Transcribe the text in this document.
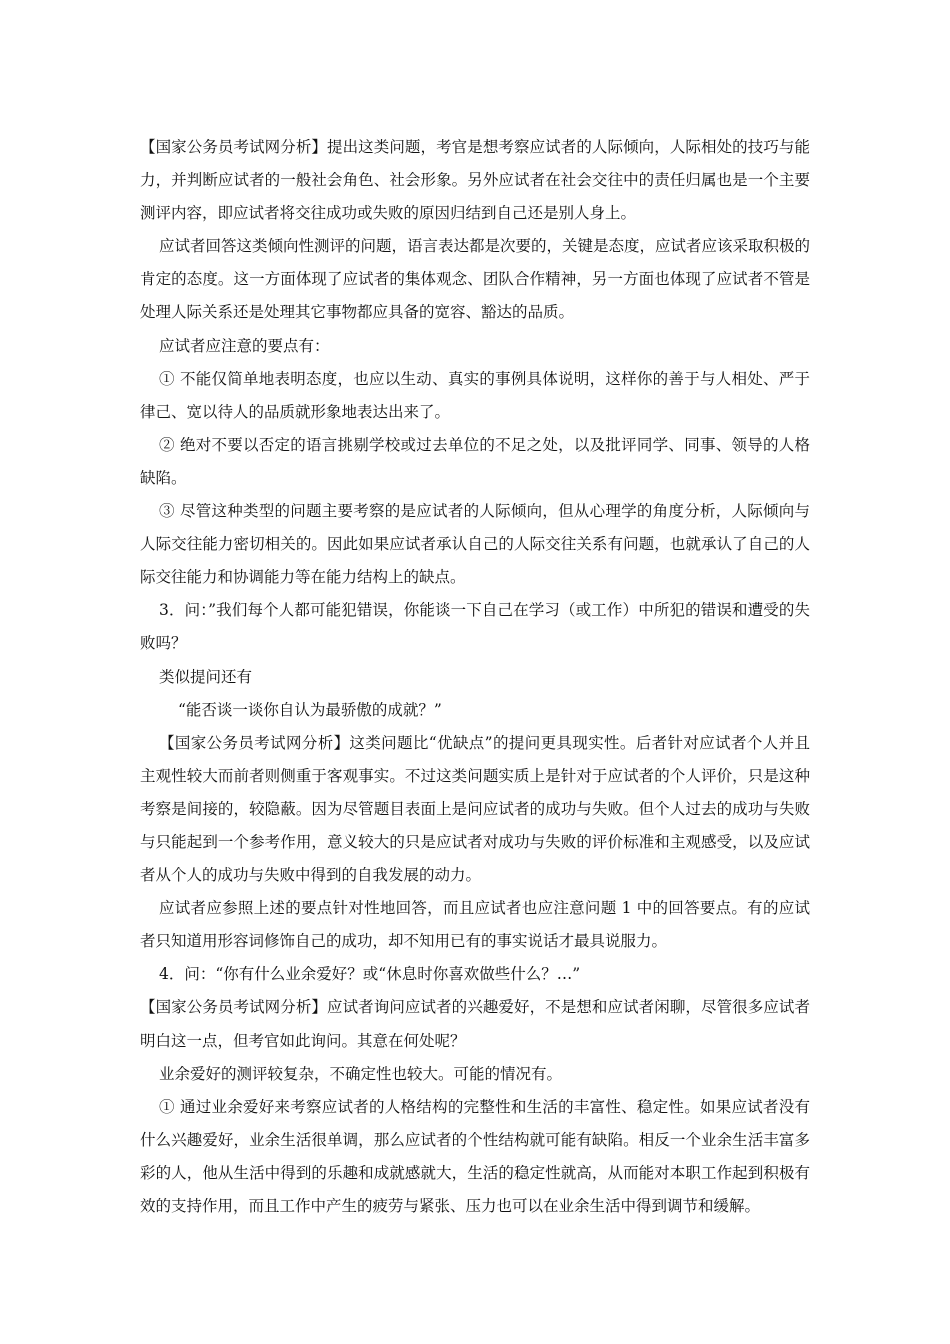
【国家公务员考试网分析】提出这类问题，考官是想考察应试者的人际倾向，人际相处的技巧与能力，并判断应试者的一般社会角色、社会形象。另外应试者在社会交往中的责任归属也是一个主要测评内容，即应试者将交往成功或失败的原因归结到自己还是别人身上。

应试者回答这类倾向性测评的问题，语言表达都是次要的，关键是态度，应试者应该采取积极的肯定的态度。这一方面体现了应试者的集体观念、团队合作精神，另一方面也体现了应试者不管是处理人际关系还是处理其它事物都应具备的宽容、豁达的品质。

应试者应注意的要点有：

① 不能仅简单地表明态度，也应以生动、真实的事例具体说明，这样你的善于与人相处、严于律己、宽以待人的品质就形象地表达出来了。

② 绝对不要以否定的语言挑剔学校或过去单位的不足之处，以及批评同学、同事、领导的人格缺陷。

③ 尽管这种类型的问题主要考察的是应试者的人际倾向，但从心理学的角度分析，人际倾向与人际交往能力密切相关的。因此如果应试者承认自己的人际交往关系有问题，也就承认了自己的人际交往能力和协调能力等在能力结构上的缺点。

3．问：”我们每个人都可能犯错误，你能谈一下自己在学习（或工作）中所犯的错误和遭受的失败吗？

类似提问还有

“能否谈一谈你自认为最骄傲的成就？”

【国家公务员考试网分析】这类问题比“优缺点”的提问更具现实性。后者针对应试者个人并且主观性较大而前者则侧重于客观事实。不过这类问题实质上是针对于应试者的个人评价，只是这种考察是间接的，较隐蔽。因为尽管题目表面上是问应试者的成功与失败。但个人过去的成功与失败与只能起到一个参考作用，意义较大的只是应试者对成功与失败的评价标准和主观感受，以及应试者从个人的成功与失败中得到的自我发展的动力。

应试者应参照上述的要点针对性地回答，而且应试者也应注意问题 1 中的回答要点。有的应试者只知道用形容词修饰自己的成功，却不知用已有的事实说话才最具说服力。

4．问：“你有什么业余爱好？或“休息时你喜欢做些什么？…”

【国家公务员考试网分析】应试者询问应试者的兴趣爱好，不是想和应试者闲聊，尽管很多应试者明白这一点，但考官如此询问。其意在何处呢？

业余爱好的测评较复杂，不确定性也较大。可能的情况有。

① 通过业余爱好来考察应试者的人格结构的完整性和生活的丰富性、稳定性。如果应试者没有什么兴趣爱好，业余生活很单调，那么应试者的个性结构就可能有缺陷。相反一个业余生活丰富多彩的人，他从生活中得到的乐趣和成就感就大，生活的稳定性就高，从而能对本职工作起到积极有效的支持作用，而且工作中产生的疲劳与紧张、压力也可以在业余生活中得到调节和缓解。
